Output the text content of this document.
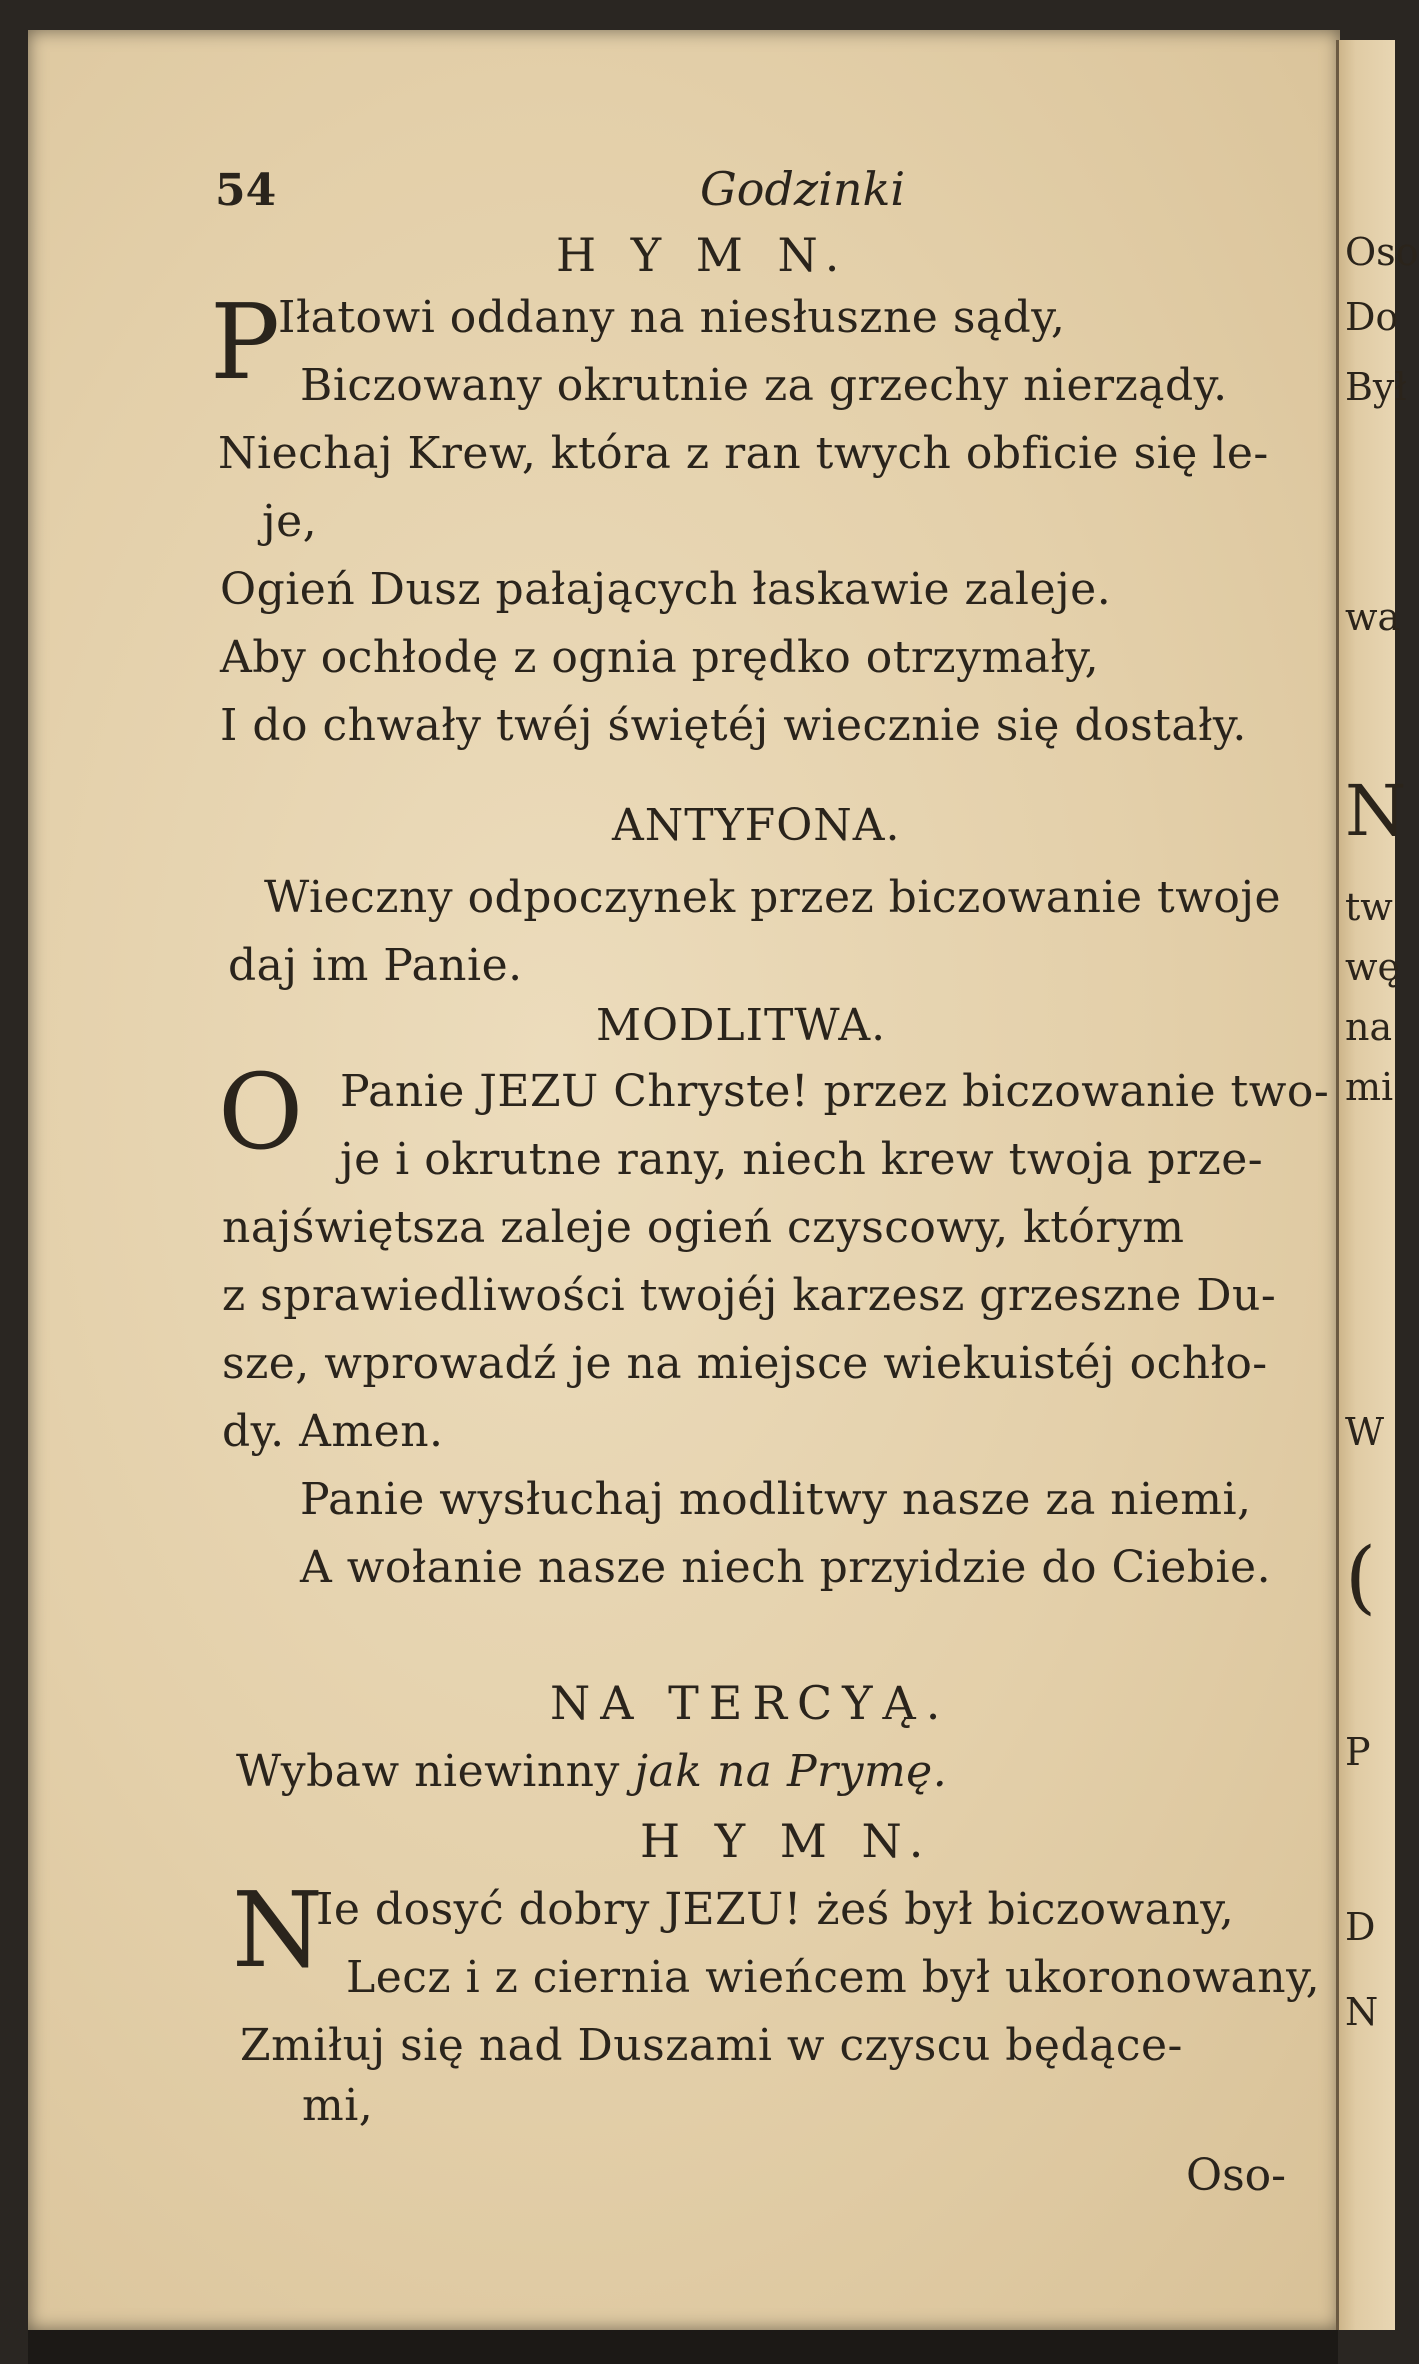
Oso
Do
Był
wa
N
tw
wę
na
mi
W
(
P
D
N
54	Godzinki
H Y M N.
P
Iłatowi oddany na niesłuszne sądy,
Biczowany okrutnie za grzechy nierządy.
Niechaj Krew, która z ran twych obficie się le-
je,
Ogień Dusz pałających łaskawie zaleje.
Aby ochłodę z ognia prędko otrzymały,
I do chwały twéj świętéj wiecznie się dostały.
ANTYFONA.
Wieczny odpoczynek przez biczowanie twoje
daj im Panie.
MODLITWA.
O Panie JEZU Chryste! przez biczowanie two-
je i okrutne rany, niech krew twoja prze-
najświętsza zaleje ogień czyscowy, którym
z sprawiedliwości twojéj karzesz grzeszne Du-
sze, wprowadź je na miejsce wiekuistéj ochło-
dy. Amen.
Panie wysłuchaj modlitwy nasze za niemi,
A wołanie nasze niech przyidzie do Ciebie.
NA TERCYĄ.
Wybaw niewinny jak na Prymę.
H Y M N.
N
Ie dosyć dobry JEZU! żeś był biczowany,
Lecz i z ciernia wieńcem był ukoronowany,
Zmiłuj się nad Duszami w czyscu będące-
mi,
Oso-
